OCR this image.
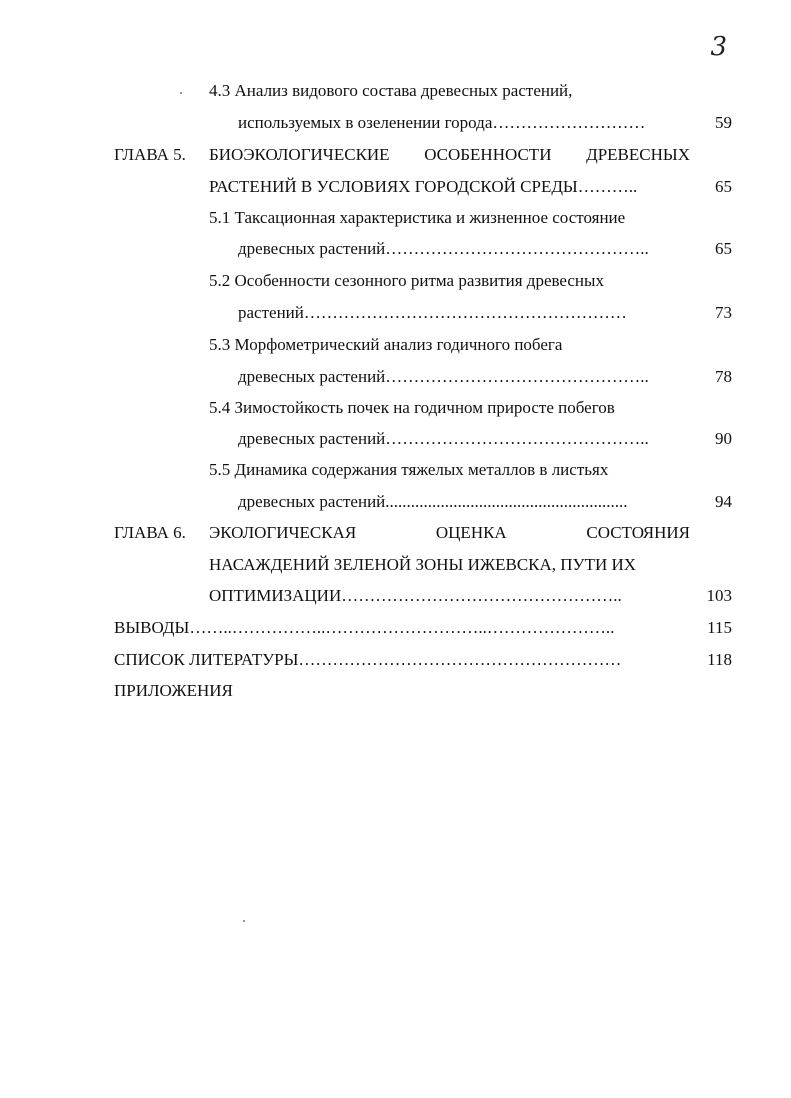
3
4.3 Анализ видового состава древесных растений,
используемых в озеленении города………………………	59
ГЛАВА 5. БИОЭКОЛОГИЧЕСКИЕ ОСОБЕННОСТИ ДРЕВЕСНЫХ
РАСТЕНИЙ В УСЛОВИЯХ ГОРОДСКОЙ СРЕДЫ………..	65
5.1 Таксационная характеристика и жизненное состояние
древесных растений………………………………………..	65
5.2 Особенности сезонного ритма развития древесных
растений…………………………………………………	73
5.3 Морфометрический анализ годичного побега
древесных растений………………………………………..	78
5.4 Зимостойкость почек на годичном приросте побегов
древесных растений………………………………………..	90
5.5 Динамика содержания тяжелых металлов в листьях
древесных растений.........................................................	94
ГЛАВА 6. ЭКОЛОГИЧЕСКАЯ	ОЦЕНКА	СОСТОЯНИЯ
НАСАЖДЕНИЙ ЗЕЛЕНОЙ ЗОНЫ ИЖЕВСКА, ПУТИ ИХ
ОПТИМИЗАЦИИ…………………………………………..	103
ВЫВОДЫ……..……………..………………………..…………………..	115
СПИСОК ЛИТЕРАТУРЫ…………………………………………………	118
ПРИЛОЖЕНИЯ
